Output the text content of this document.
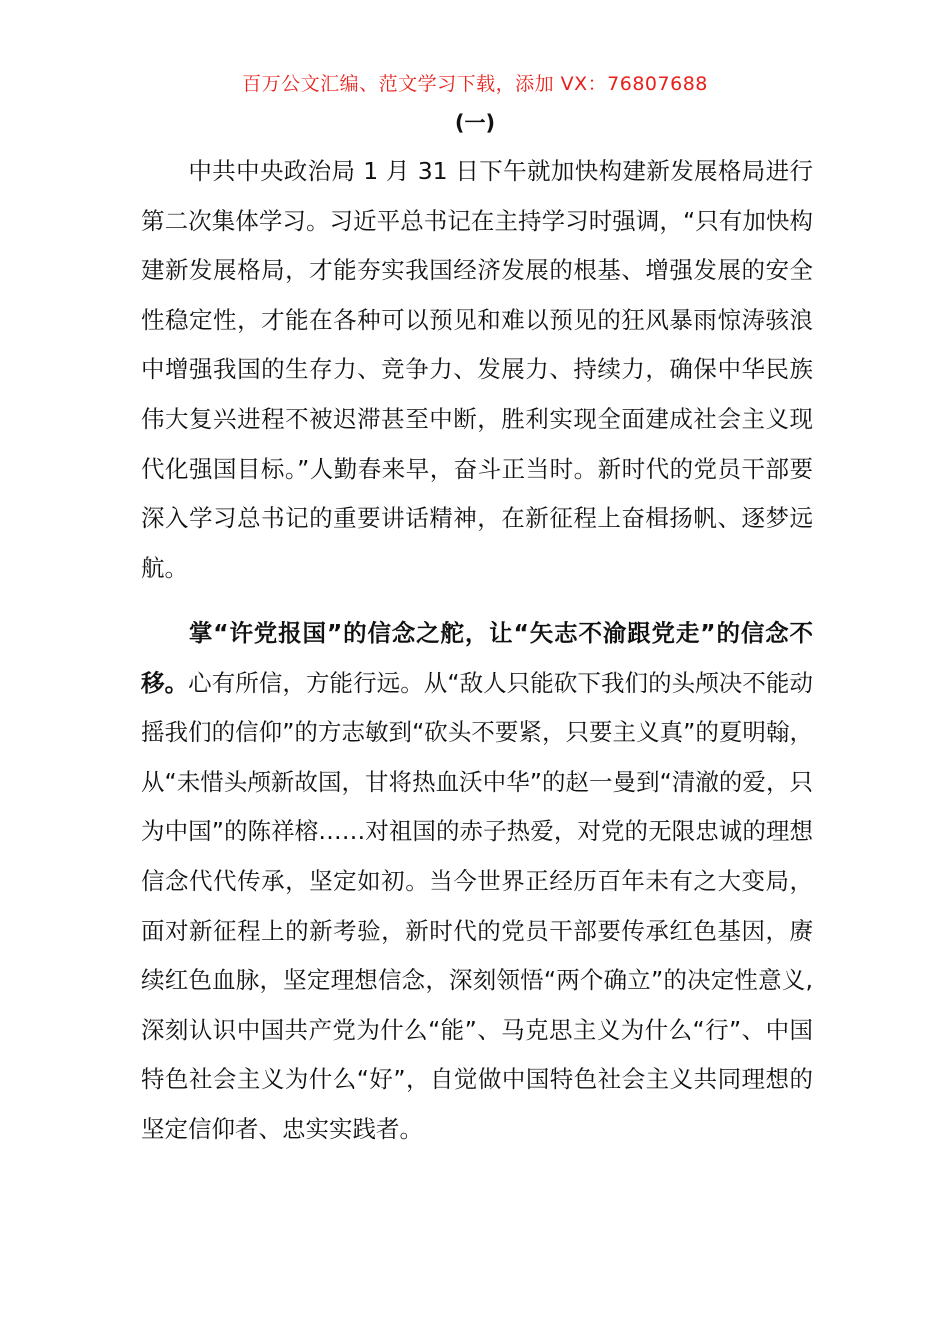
百万公文汇编、范文学习下载，添加 VX：76807688
(一)

中共中央政治局 1 月 31 日下午就加快构建新发展格局进行第二次集体学习。习近平总书记在主持学习时强调，“只有加快构建新发展格局，才能夯实我国经济发展的根基、增强发展的安全性稳定性，才能在各种可以预见和难以预见的狂风暴雨惊涛骇浪中增强我国的生存力、竞争力、发展力、持续力，确保中华民族伟大复兴进程不被迟滞甚至中断，胜利实现全面建成社会主义现代化强国目标。”人勤春来早，奋斗正当时。新时代的党员干部要深入学习总书记的重要讲话精神，在新征程上奋楫扬帆、逐梦远航。

掌“许党报国”的信念之舵，让“矢志不渝跟党走”的信念不移。心有所信，方能行远。从“敌人只能砍下我们的头颅决不能动摇我们的信仰”的方志敏到“砍头不要紧，只要主义真”的夏明翰，从“未惜头颅新故国，甘将热血沃中华”的赵一曼到“清澈的爱，只为中国”的陈祥榕……对祖国的赤子热爱，对党的无限忠诚的理想信念代代传承，坚定如初。当今世界正经历百年未有之大变局，面对新征程上的新考验，新时代的党员干部要传承红色基因，赓续红色血脉，坚定理想信念，深刻领悟“两个确立”的决定性意义,深刻认识中国共产党为什么“能”、马克思主义为什么“行”、中国特色社会主义为什么“好”，自觉做中国特色社会主义共同理想的坚定信仰者、忠实实践者。
